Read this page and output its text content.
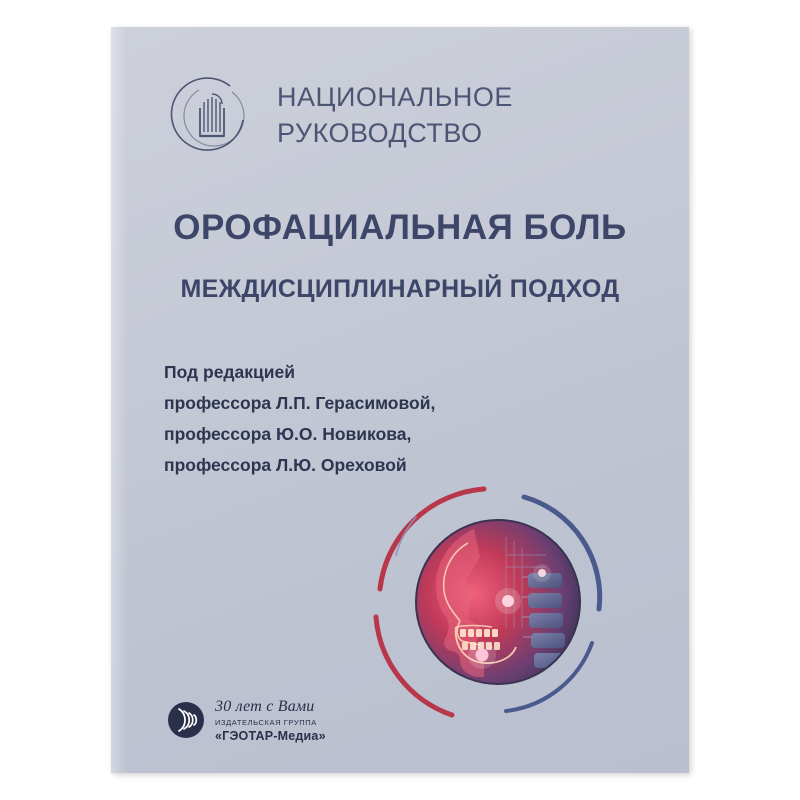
НАЦИОНАЛЬНОЕ
РУКОВОДСТВО
ОРОФАЦИАЛЬНАЯ БОЛЬ
МЕЖДИСЦИПЛИНАРНЫЙ ПОДХОД
Под редакцией
профессора Л.П. Герасимовой,
профессора Ю.О. Новикова,
профессора Л.Ю. Ореховой
30 лет с Вами
ИЗДАТЕЛЬСКАЯ ГРУППА
«ГЭОТАР-Медиа»
